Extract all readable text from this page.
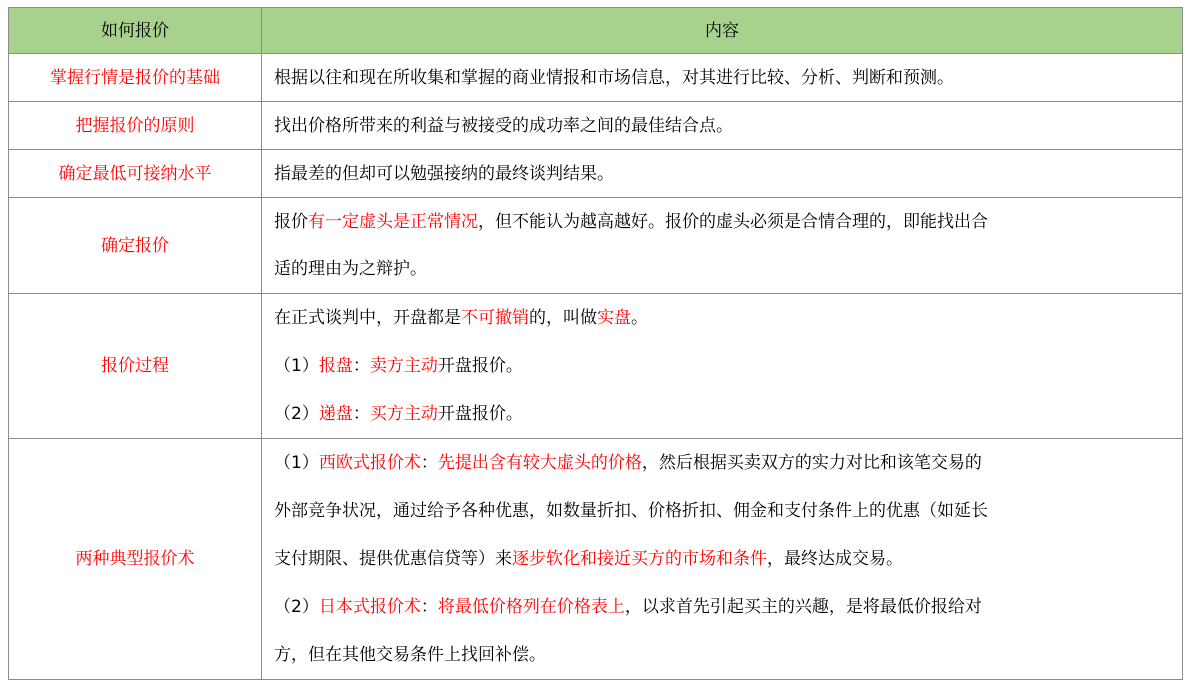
如何报价	内容
掌握行情是报价的基础	根据以往和现在所收集和掌握的商业情报和市场信息，对其进行比较、分析、判断和预测。
把握报价的原则	找出价格所带来的利益与被接受的成功率之间的最佳结合点。
确定最低可接纳水平	指最差的但却可以勉强接纳的最终谈判结果。
确定报价	报价有一定虚头是正常情况，但不能认为越高越好。报价的虚头必须是合情合理的，即能找出合
适的理由为之辩护。

报价过程	在正式谈判中，开盘都是不可撤销的，叫做实盘。
（1）报盘：卖方主动开盘报价。
（2）递盘：买方主动开盘报价。

两种典型报价术	（1）西欧式报价术：先提出含有较大虚头的价格，然后根据买卖双方的实力对比和该笔交易的
外部竞争状况，通过给予各种优惠，如数量折扣、价格折扣、佣金和支付条件上的优惠（如延长
支付期限、提供优惠信贷等）来逐步软化和接近买方的市场和条件，最终达成交易。
（2）日本式报价术：将最低价格列在价格表上，以求首先引起买主的兴趣，是将最低价报给对
方，但在其他交易条件上找回补偿。
